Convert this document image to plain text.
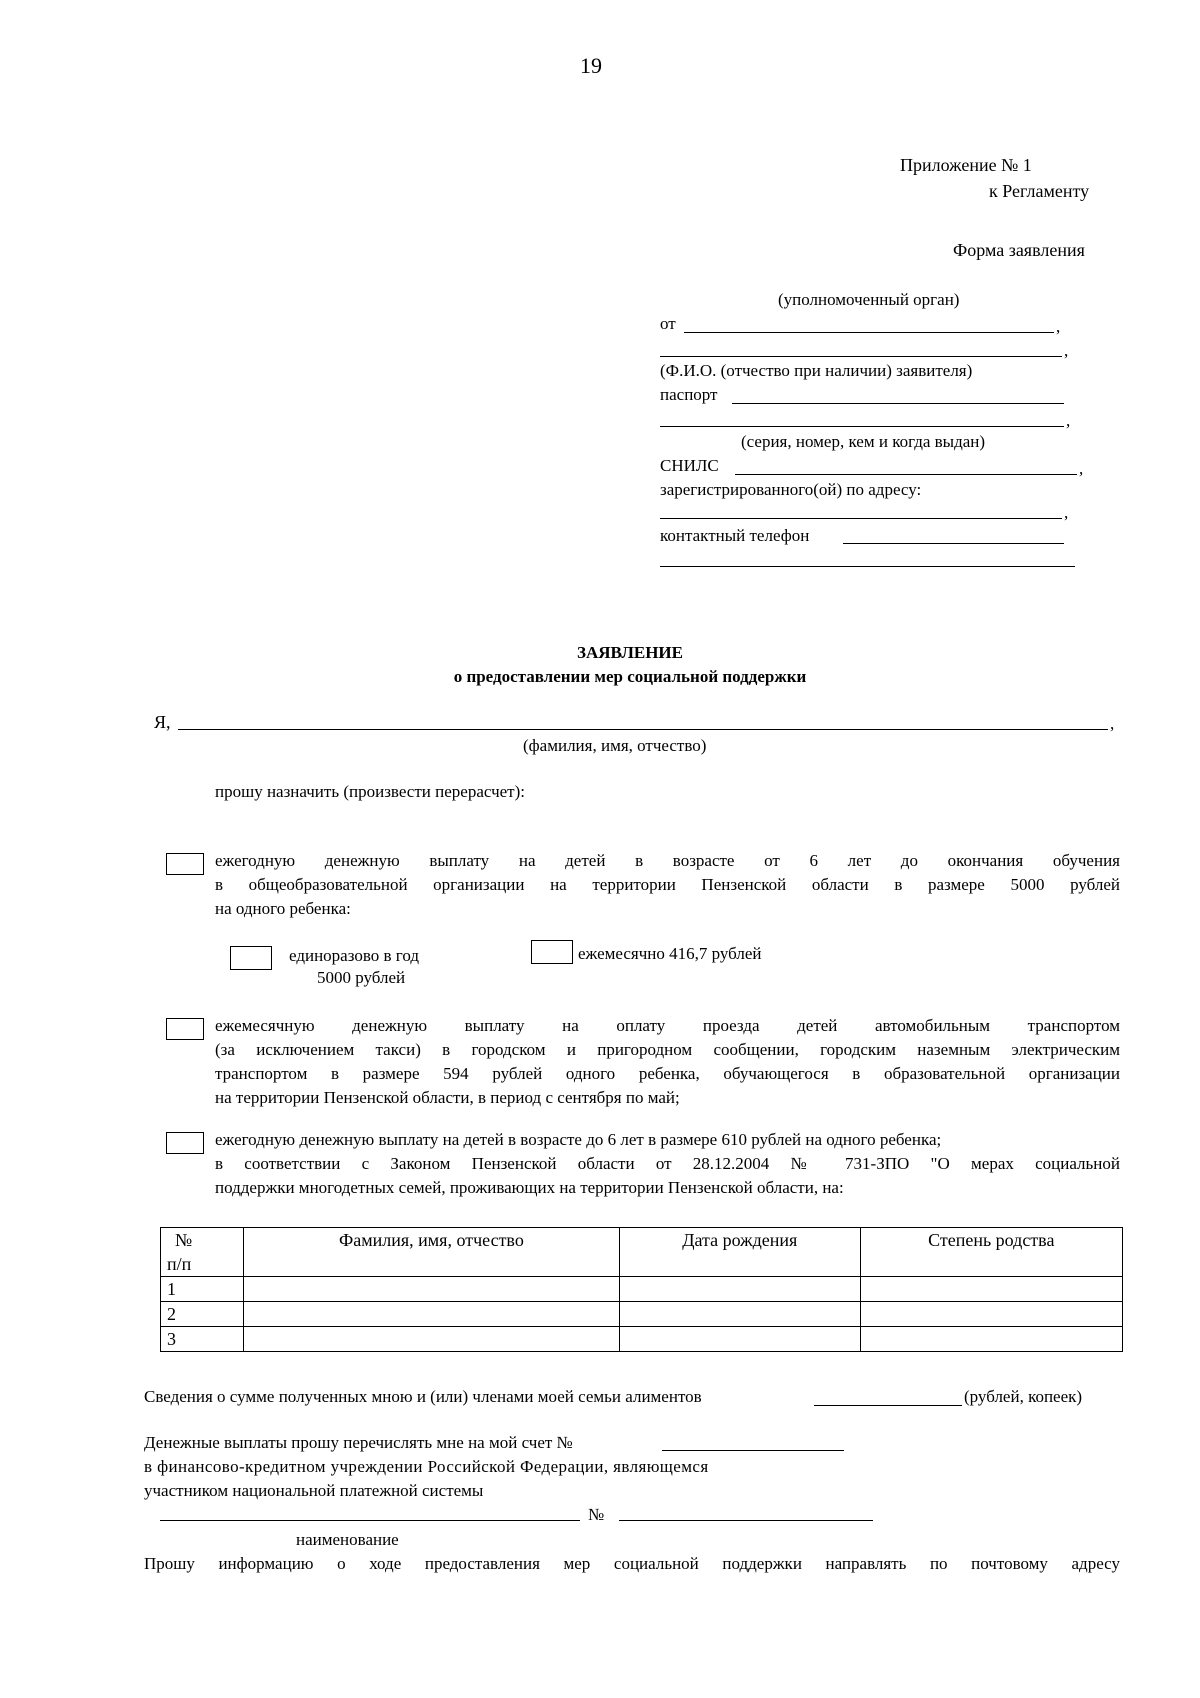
19
Приложение № 1
к Регламенту
Форма заявления
(уполномоченный орган)
от	,
,
(Ф.И.О. (отчество при наличии) заявителя)
паспорт
,
(серия, номер, кем и когда выдан)
СНИЛС	,
зарегистрированного(ой) по адресу:
,
контактный телефон
ЗАЯВЛЕНИЕ
о предоставлении мер социальной поддержки
Я,	,
(фамилия, имя, отчество)
прошу назначить (произвести перерасчет):
ежегодную денежную выплату на детей в возрасте от 6 лет до окончания обучения
в общеобразовательной организации на территории Пензенской области в размере 5000 рублей
на одного ребенка:
единоразово в год
5000 рублей
ежемесячно 416,7 рублей
ежемесячную денежную выплату на оплату проезда детей автомобильным транспортом
(за исключением такси) в городском и пригородном сообщении, городским наземным электрическим
транспортом в размере 594 рублей одного ребенка, обучающегося в образовательной организации
на территории Пензенской области, в период с сентября по май;
ежегодную денежную выплату на детей в возрасте до 6 лет в размере 610 рублей на одного ребенка;
в соответствии с Законом Пензенской области от 28.12.2004 № 731-ЗПО "О мерах социальной
поддержки многодетных семей, проживающих на территории Пензенской области, на:
№
п/п	Фамилия, имя, отчество	Дата рождения	Степень родства
1			
2			
3			
Сведения о сумме полученных мною и (или) членами моей семьи алиментов	(рублей, копеек)
Денежные выплаты прошу перечислять мне на мой счет №
в финансово-кредитном учреждении Российской Федерации, являющемся
участником национальной платежной системы
№
наименование
Прошу информацию о ходе предоставления мер социальной поддержки направлять по почтовому адресу
